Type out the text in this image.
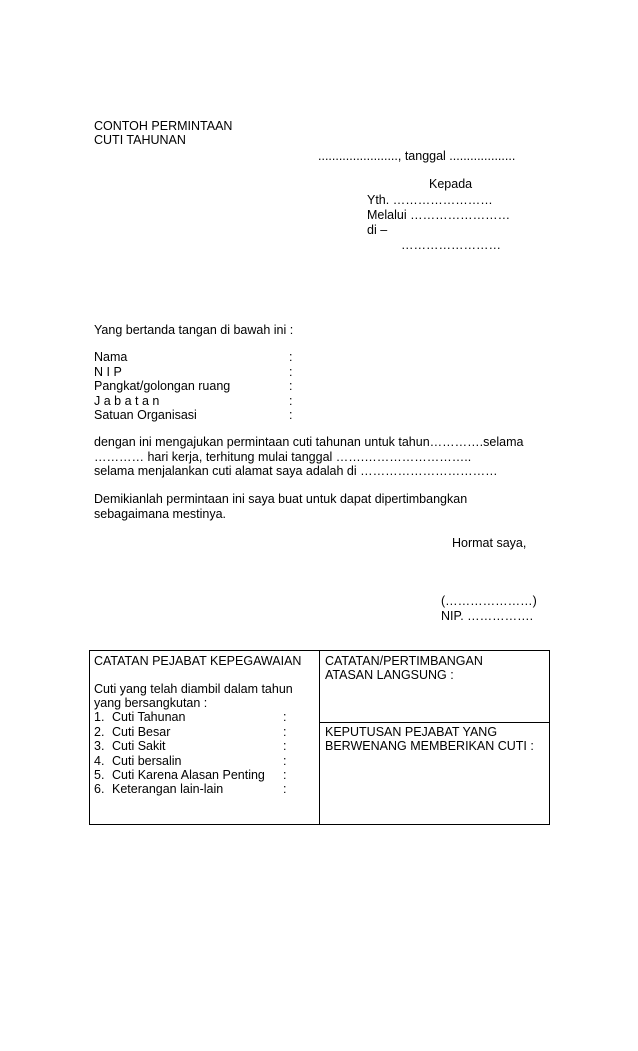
CONTOH PERMINTAAN
CUTI TAHUNAN
......................., tanggal ...................
Kepada
Yth. ……………………
Melalui ……………………
di –
……………………
Yang bertanda tangan di bawah ini :
Nama	:
N I P	:
Pangkat/golongan ruang	:
J a b a t a n	:
Satuan Organisasi	:
dengan ini mengajukan permintaan cuti tahunan untuk tahun………….selama
………… hari kerja, terhitung mulai tanggal …….……………………..
selama menjalankan cuti alamat saya adalah di ……………………………
Demikianlah permintaan ini saya buat untuk dapat dipertimbangkan
sebagaimana mestinya.
Hormat saya,
(…………………)
NIP. …………….
CATATAN PEJABAT KEPEGAWAIAN
Cuti yang telah diambil dalam tahun
yang bersangkutan :
1. Cuti Tahunan	:
2. Cuti Besar	:
3. Cuti Sakit	:
4. Cuti bersalin	:
5. Cuti Karena Alasan Penting :
6. Keterangan lain-lain	:
CATATAN/PERTIMBANGAN
ATASAN LANGSUNG :
KEPUTUSAN PEJABAT YANG
BERWENANG MEMBERIKAN CUTI :
